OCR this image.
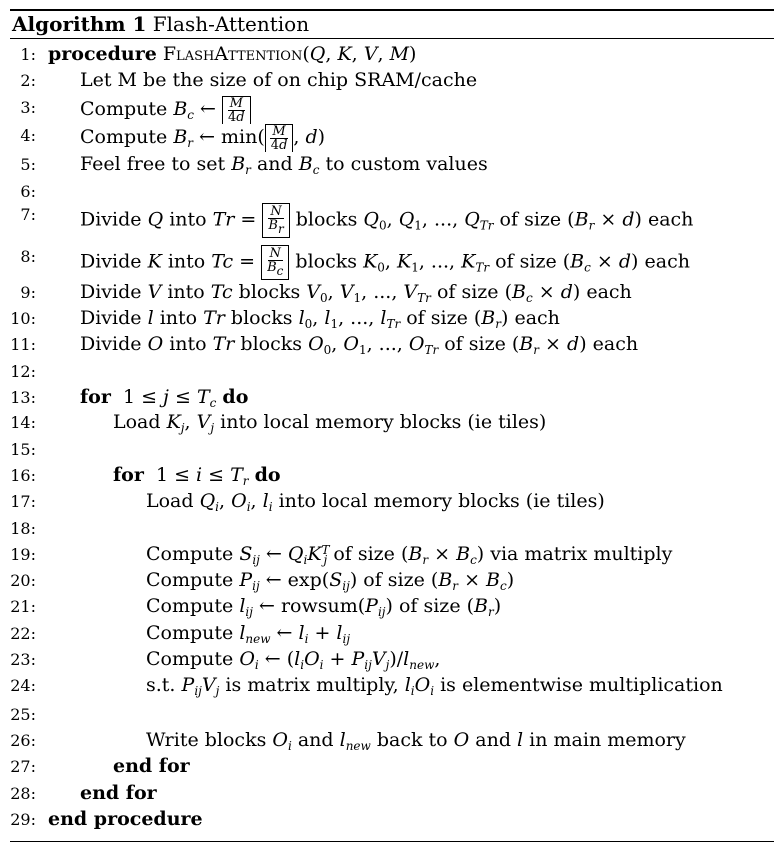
Algorithm 1 Flash-Attention
1: procedure FlashAttention(Q, K, V, M)
2: Let M be the size of on chip SRAM/cache
3: Compute $B_c$ ← $\frac{M}{4d}$
4: Compute $B_r$ ← $\min( \frac{M}{4d}$ , d)
5: Feel free to set $B_r$ and $B_c$ to custom values
6:
7: Divide Q into $Tr = \frac{N}{B_r}$ blocks $Q_0$, $Q_1$, ..., $Q_{Tr}$ of size $(B_r \times d)$ each
8: Divide K into $Tc = \frac{N}{B_c}$ blocks $K_0$, $K_1$, ..., $K_{Tr}$ of size $(B_c \times d)$ each
9: Divide V into Tc blocks $V_0$, $V_1$, ..., $V_{Tr}$ of size $(B_c \times d)$ each
10: Divide l into Tr blocks $l_0$, $l_1$, ..., $l_{Tr}$ of size $(B_r)$ each
11: Divide O into Tr blocks $O_0$, $O_1$, ..., $O_{Tr}$ of size $(B_r \times d)$ each
12:
13: for  $1 \le j \le T_c$ do
14:	Load $K_j$, $V_j$ into local memory blocks (ie tiles)
15:
16:	for  $1 \le i \le T_r$ do
17:	Load $Q_i$, $O_i$, $l_i$ into local memory blocks (ie tiles)
18:
19:	Compute $S_{ij}$ ← $Q_iK^T_j$ of size $(B_r \times B_c)$ via matrix multiply
20:	Compute $P_{ij}$ ← $\exp(S_{ij})$ of size $(B_r \times B_c)$
21:	Compute $l_{ij}$ ← $rowsum(P_{ij})$ of size $(B_r)$
22:	Compute $l_{new}$ ← $l_i + l_{ij}$
23:	Compute $O_i$ ← $(l_iO_i + P_{ij}V_j)/l_{new}$,
24:	s.t. $P_{ij}V_j$ is matrix multiply, $l_iO_i$ is elementwise multiplication
25:
26:	Write blocks $O_i$ and $l_{new}$ back to O and l in main memory
27:	end for
28: end for
29: end procedure
